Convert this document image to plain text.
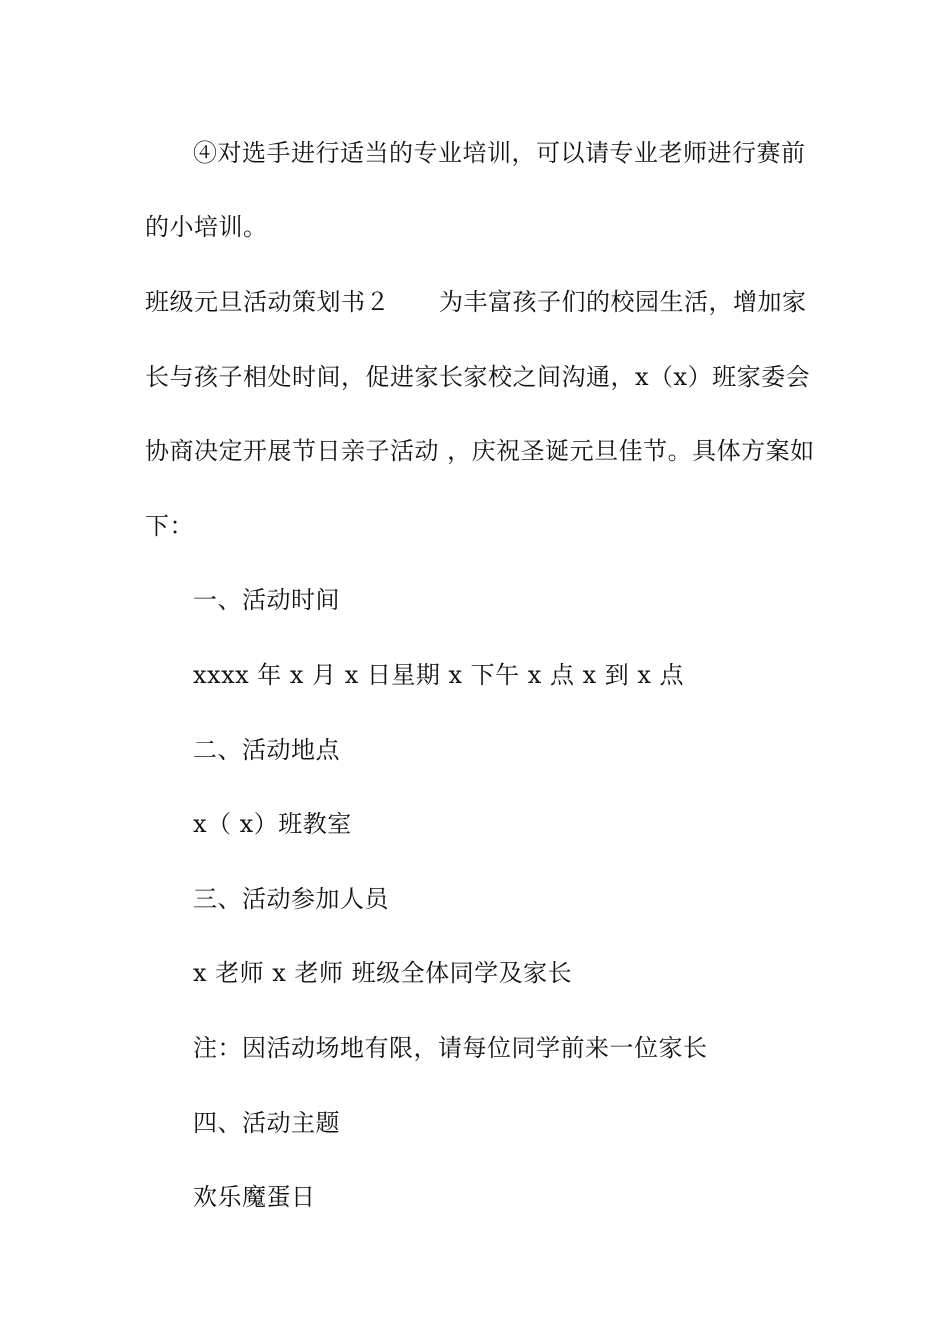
④对选手进行适当的专业培训，可以请专业老师进行赛前
的小培训。
班级元旦活动策划书２　　为丰富孩子们的校园生活，增加家
长与孩子相处时间，促进家长家校之间沟通，x（x）班家委会
协商决定开展节日亲子活动 ，庆祝圣诞元旦佳节。具体方案如
下：
一、活动时间
xxxx 年 x 月 x 日星期 x 下午 x 点 x 到 x 点
二、活动地点
x（ x）班教室
三、活动参加人员
x 老师 x 老师 班级全体同学及家长
注：因活动场地有限，请每位同学前来一位家长
四、活动主题
欢乐魔蛋日
